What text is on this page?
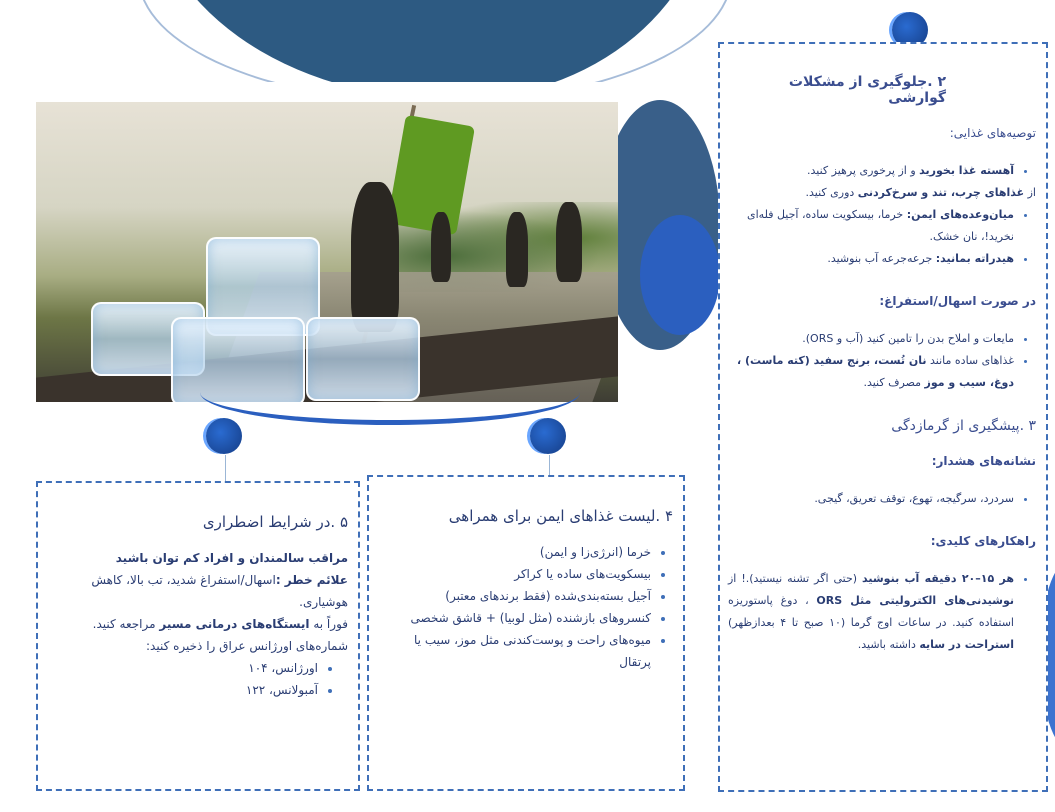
۲ .جلوگیری از مشکلات گوارشی
توصیه‌های غذایی:
• آهسته غذا بخورید و از پرخوری پرهیز کنید.

از غذاهای چرب، تند و سرخ‌کردنی دوری کنید.

• میان‌وعده‌های ایمن: خرما، بیسکویت ساده، آجیل فله‌ای نخرید!، نان خشک.
• هیدراته بمانید: جرعه‌جرعه آب بنوشید.
در صورت اسهال/استفراغ:
• مایعات و املاح بدن را تامین کنید (آب و ORS).
• غذاهای ساده مانند نان تُست، برنج سفید (کته ماست) ، دوغ، سیب و موز مصرف کنید.
۳ .پیشگیری از گرمازدگی
نشانه‌های هشدار:
• سردرد، سرگیجه، تهوع، توقف تعریق، گیجی.
راهکارهای کلیدی:
• هر ۱۵–۲۰ دقیقه آب بنوشید (حتی اگر تشنه نیستید).! از نوشیدنی‌های الکترولیتی مثل ORS ، دوغ پاستوریزه استفاده کنید. در ساعات اوج گرما (۱۰ صبح تا ۴ بعدازظهر) استراحت در سایه داشته باشید.
۴ .لیست غذاهای ایمن برای همراهی
• خرما (انرژی‌زا و ایمن)
• بیسکویت‌های ساده یا کراکر
• آجیل بسته‌بندی‌شده (فقط برندهای معتبر)
• کنسروهای بازشنده (مثل لوبیا) + قاشق شخصی
• میوه‌های راحت و پوست‌کندنی مثل موز، سیب یا پرتقال
۵ .در شرایط اضطراری

مراقب سالمندان و افراد کم توان باشید

علائم خطر :اسهال/استفراغ شدید، تب بالا، کاهش هوشیاری.

فوراً به ایستگاه‌های درمانی مسیر مراجعه کنید.

شماره‌های اورژانس عراق را ذخیره کنید:

• اورژانس، ۱۰۴
• آمبولانس، ۱۲۲
